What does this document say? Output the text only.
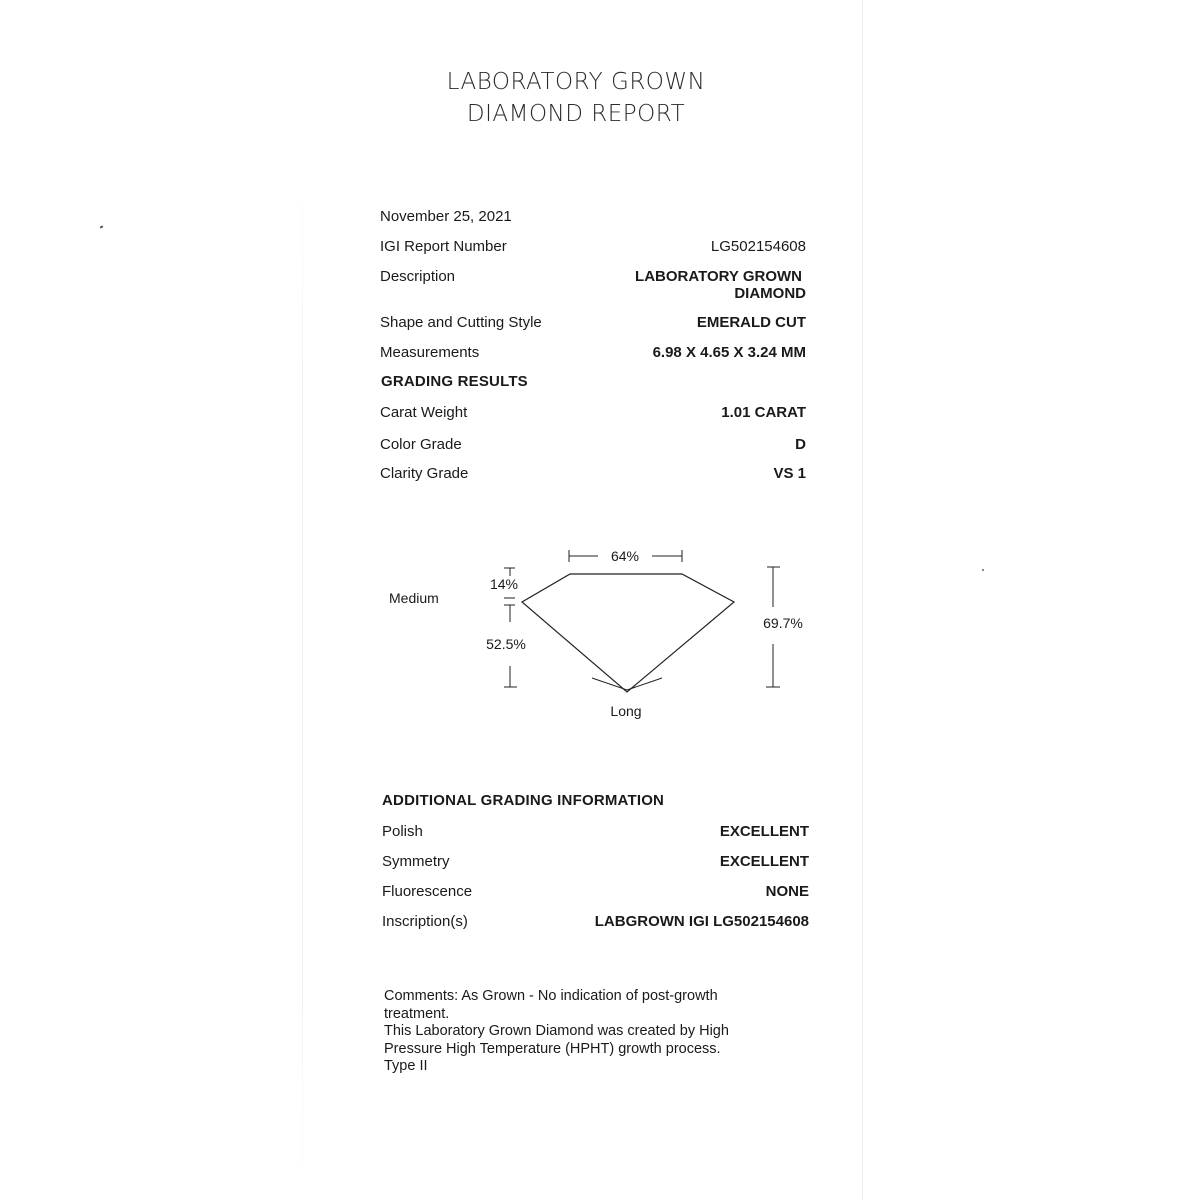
LABORATORY GROWN
DIAMOND REPORT
November 25, 2021
IGI Report Number	LG502154608
Description	LABORATORY GROWN
DIAMOND
Shape and Cutting Style	EMERALD CUT
Measurements	6.98 X 4.65 X 3.24 MM
GRADING RESULTS
Carat Weight	1.01 CARAT
Color Grade	D
Clarity Grade	VS 1
64%
14%
52.5%
Medium
69.7%
Long
ADDITIONAL GRADING INFORMATION
Polish	EXCELLENT
Symmetry	EXCELLENT
Fluorescence	NONE
Inscription(s)	LABGROWN IGI LG502154608
Comments: As Grown - No indication of post-growth
treatment.
This Laboratory Grown Diamond was created by High
Pressure High Temperature (HPHT) growth process.
Type II
